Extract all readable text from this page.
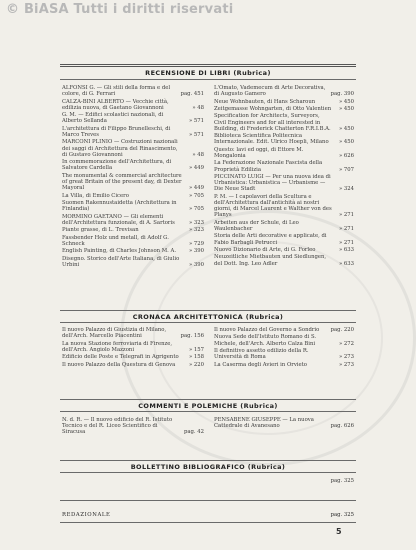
© BiASA Tutti i diritti riservati
RECENSIONE DI LIBRI (Rubrica)
ALFONSI G. — Gli stili della forma e del colore, di G. Ferrari	pag. 451
CALZA-BINI ALBERTO — Vecchie città, edilizia nuova, di Gaetano Giovannoni	» 48
G. M. — Edifici scolastici nazionali, di Alberto Sellanda	» 571
L'architettura di Filippo Brunelleschi, di Marco Treves	» 571
MARCONI PLINIO — Costruzioni nazionali dei saggi di Architettura del Rinascimento, di Gustavo Giovannoni	» 48
In commemorazione dell'Architettura, di Salvatore Cardella	» 449
The monumental & commercial architecture of great Britain of the present day, di Dexter Mayoral	» 449
La Villa, di Emilio Cicero	» 705
Suomen Rakennustaidetta (Architettura in Finlandia)	» 705
MORMINO GAETANO — Gli elementi dell'Architettura funzionale, di A. Sartoris	» 323
Piante grasse, di L. Trevisan	» 323
Fassbender Holz und metall, di Adolf G. Schneck	» 729
English Painting, di Charles Johnson M. A.	» 390
Disegno. Storico dell'Arte Italiana, di Giulio Urbini	» 390
L'Omato, Vademecum di Arte Decorativa, di Augusto Gamero	pag. 390
Neue Wohnbauten, di Hans Scharoun	» 450
Zeitgemasse Wohngarten, di Otto Valentien » 450
Specification for Architects, Surveyors, Civil Engineers and for all interested in Building, di Frederick Chatterton F.R.I.B.A. » 450
Biblioteca Scientifica Politecnica Internazionale. Edit. Ulrico Hoepli, Milano	» 450
Questo: lavi ed oggi, di Ettore M. Mongalonia	» 626
La Federazione Nazionale Fascista della Proprietà Edilizia	» 707
PICCINATO LUIGI — Per una nuova idea di Urbanistica: Urbanistica — Urbanisme — Die Neue Stadt	» 324
P. M. — I capolavori della Scultura e dell'Architettura dall'antichità ai nostri giorni, di Marcel Laurent e Walther von des Planys	» 271
Arbeiten aus der Schule, di Leo Waulenbacher	» 271
Storia delle Arti decorative e applicate, di Fabio Barbagli Petrucci	» 271
Nuovo Dizionario di Arte, di G. Forleo	» 633
Neuzeitliche Mietbauten und Siedlungen, del Dott. Ing. Leo Adler	» 633
CRONACA ARCHITETTONICA (Rubrica)
Il nuovo Palazzo di Giustizia di Milano, dell'Arch. Marcello Piacentini	pag. 156
La nuova Stazione ferroviaria di Firenze, dell'Arch. Angiolo Mazzoni	» 157
Edificio delle Poste e Telegrafi in Agrigento	» 158
Il nuovo Palazzo della Questura di Genova	» 220
Il nuovo Palazzo del Governo a Sondrio	pag. 220
Nuova Sede dell'Istituto Romano di S. Michele, dell'Arch. Alberto Calza Bini	» 272
Il definitivo assetto edilizio della R. Università di Roma	» 273
La Caserma degli Avieri in Orvieto	» 273
COMMENTI E POLEMICHE (Rubrica)
N. d. R. — Il nuovo edificio del R. Istituto Tecnico e del R. Liceo Scientifico di Siracusa	pag. 42
PENSABENE GIUSEPPE — La nuova Cattedrale di Avanesano	pag. 626
BOLLETTINO BIBLIOGRAFICO (Rubrica)

pag. 325
REDAZIONALE	pag. 325
5
